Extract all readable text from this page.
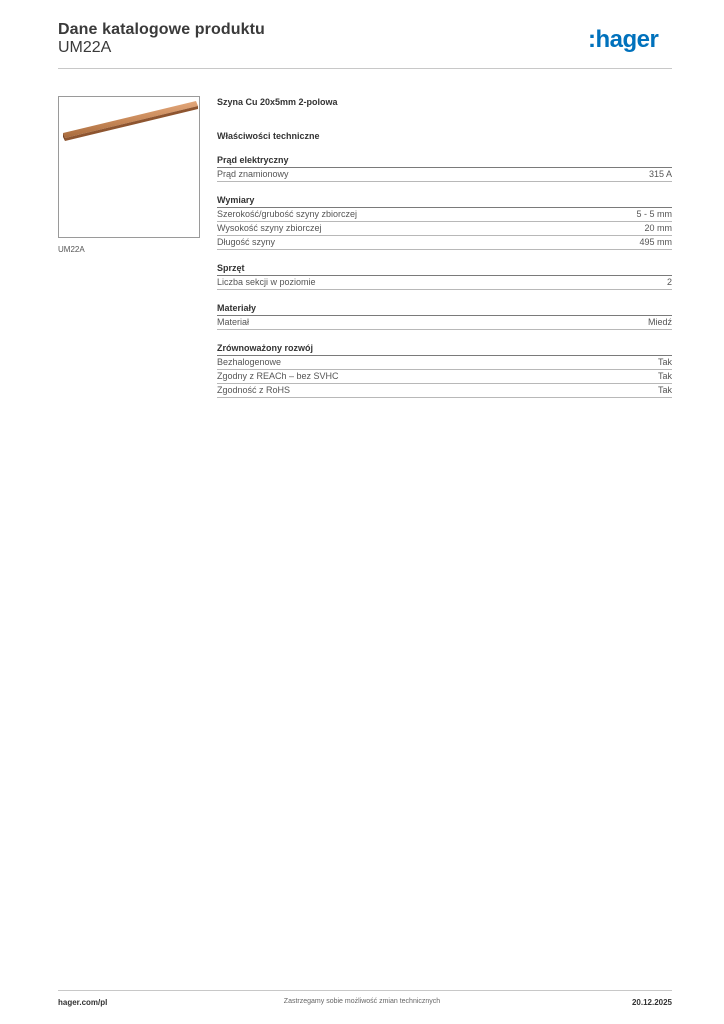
Dane katalogowe produktu
UM22A	:hager
UM22A
Szyna Cu 20x5mm 2-polowa
Właściwości techniczne
Prąd elektryczny
Prąd znamionowy	315 A
Wymiary
Szerokość/grubość szyny zbiorczej	5 - 5 mm
Wysokość szyny zbiorczej	20 mm
Długość szyny	495 mm
Sprzęt
Liczba sekcji w poziomie	2
Materiały
Materiał	Miedź
Zrównoważony rozwój
Bezhalogenowe	Tak
Zgodny z REACh – bez SVHC	Tak
Zgodność z RoHS	Tak
hager.com/pl	Zastrzegamy sobie możliwość zmian technicznych	20.12.2025
